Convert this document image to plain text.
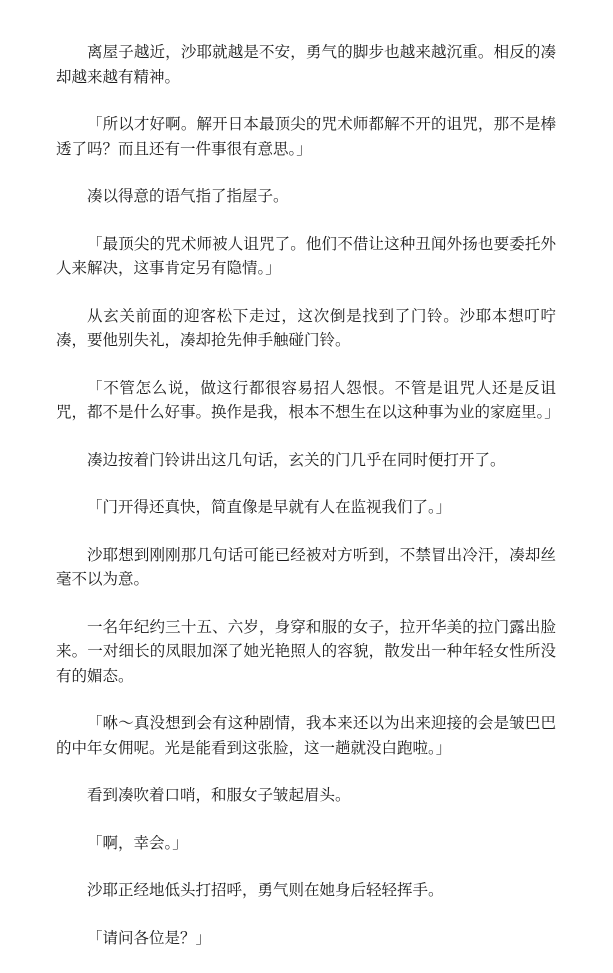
离屋子越近，沙耶就越是不安，勇气的脚步也越来越沉重。相反的凑却越来越有精神。

「所以才好啊。解开日本最顶尖的咒术师都解不开的诅咒，那不是棒透了吗？而且还有一件事很有意思。」

凑以得意的语气指了指屋子。

「最顶尖的咒术师被人诅咒了。他们不借让这种丑闻外扬也要委托外人来解决，这事肯定另有隐情。」

从玄关前面的迎客松下走过，这次倒是找到了门铃。沙耶本想叮咛凑，要他别失礼，凑却抢先伸手触碰门铃。

「不管怎么说，做这行都很容易招人怨恨。不管是诅咒人还是反诅咒，都不是什么好事。换作是我，根本不想生在以这种事为业的家庭里。」

凑边按着门铃讲出这几句话，玄关的门几乎在同时便打开了。

「门开得还真快，简直像是早就有人在监视我们了。」

沙耶想到刚刚那几句话可能已经被对方听到，不禁冒出冷汗，凑却丝毫不以为意。

一名年纪约三十五、六岁，身穿和服的女子，拉开华美的拉门露出脸来。一对细长的凤眼加深了她光艳照人的容貌，散发出一种年轻女性所没有的媚态。

「咻～真没想到会有这种剧情，我本来还以为出来迎接的会是皱巴巴的中年女佣呢。光是能看到这张脸，这一趟就没白跑啦。」

看到凑吹着口哨，和服女子皱起眉头。

「啊，幸会。」

沙耶正经地低头打招呼，勇气则在她身后轻轻挥手。

「请问各位是？」
